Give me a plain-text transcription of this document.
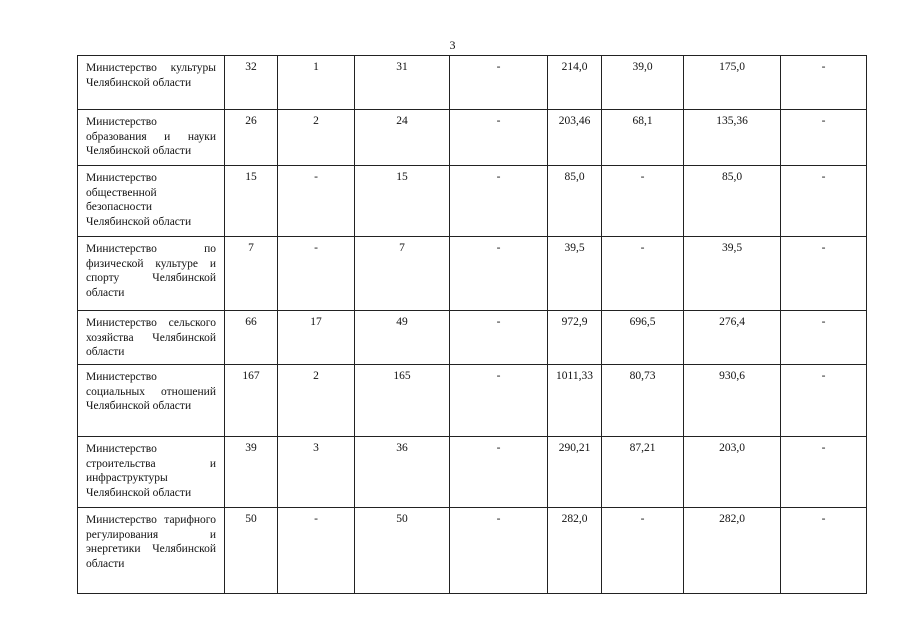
3
Министерство культуры Челябинской области	32	1	31	-	214,0	39,0	175,0	-
Министерство образования и науки Челябинской области	26	2	24	-	203,46	68,1	135,36	-
Министерство общественной безопасности Челябинской области	15	-	15	-	85,0	-	85,0	-
Министерство по физической культуре и спорту Челябинской области	7	-	7	-	39,5	-	39,5	-
Министерство сельского хозяйства Челябинской области	66	17	49	-	972,9	696,5	276,4	-
Министерство социальных отношений Челябинской области	167	2	165	-	1011,33	80,73	930,6	-
Министерство строительства и инфраструктуры Челябинской области	39	3	36	-	290,21	87,21	203,0	-
Министерство тарифного регулирования и энергетики Челябинской области	50	-	50	-	282,0	-	282,0	-
